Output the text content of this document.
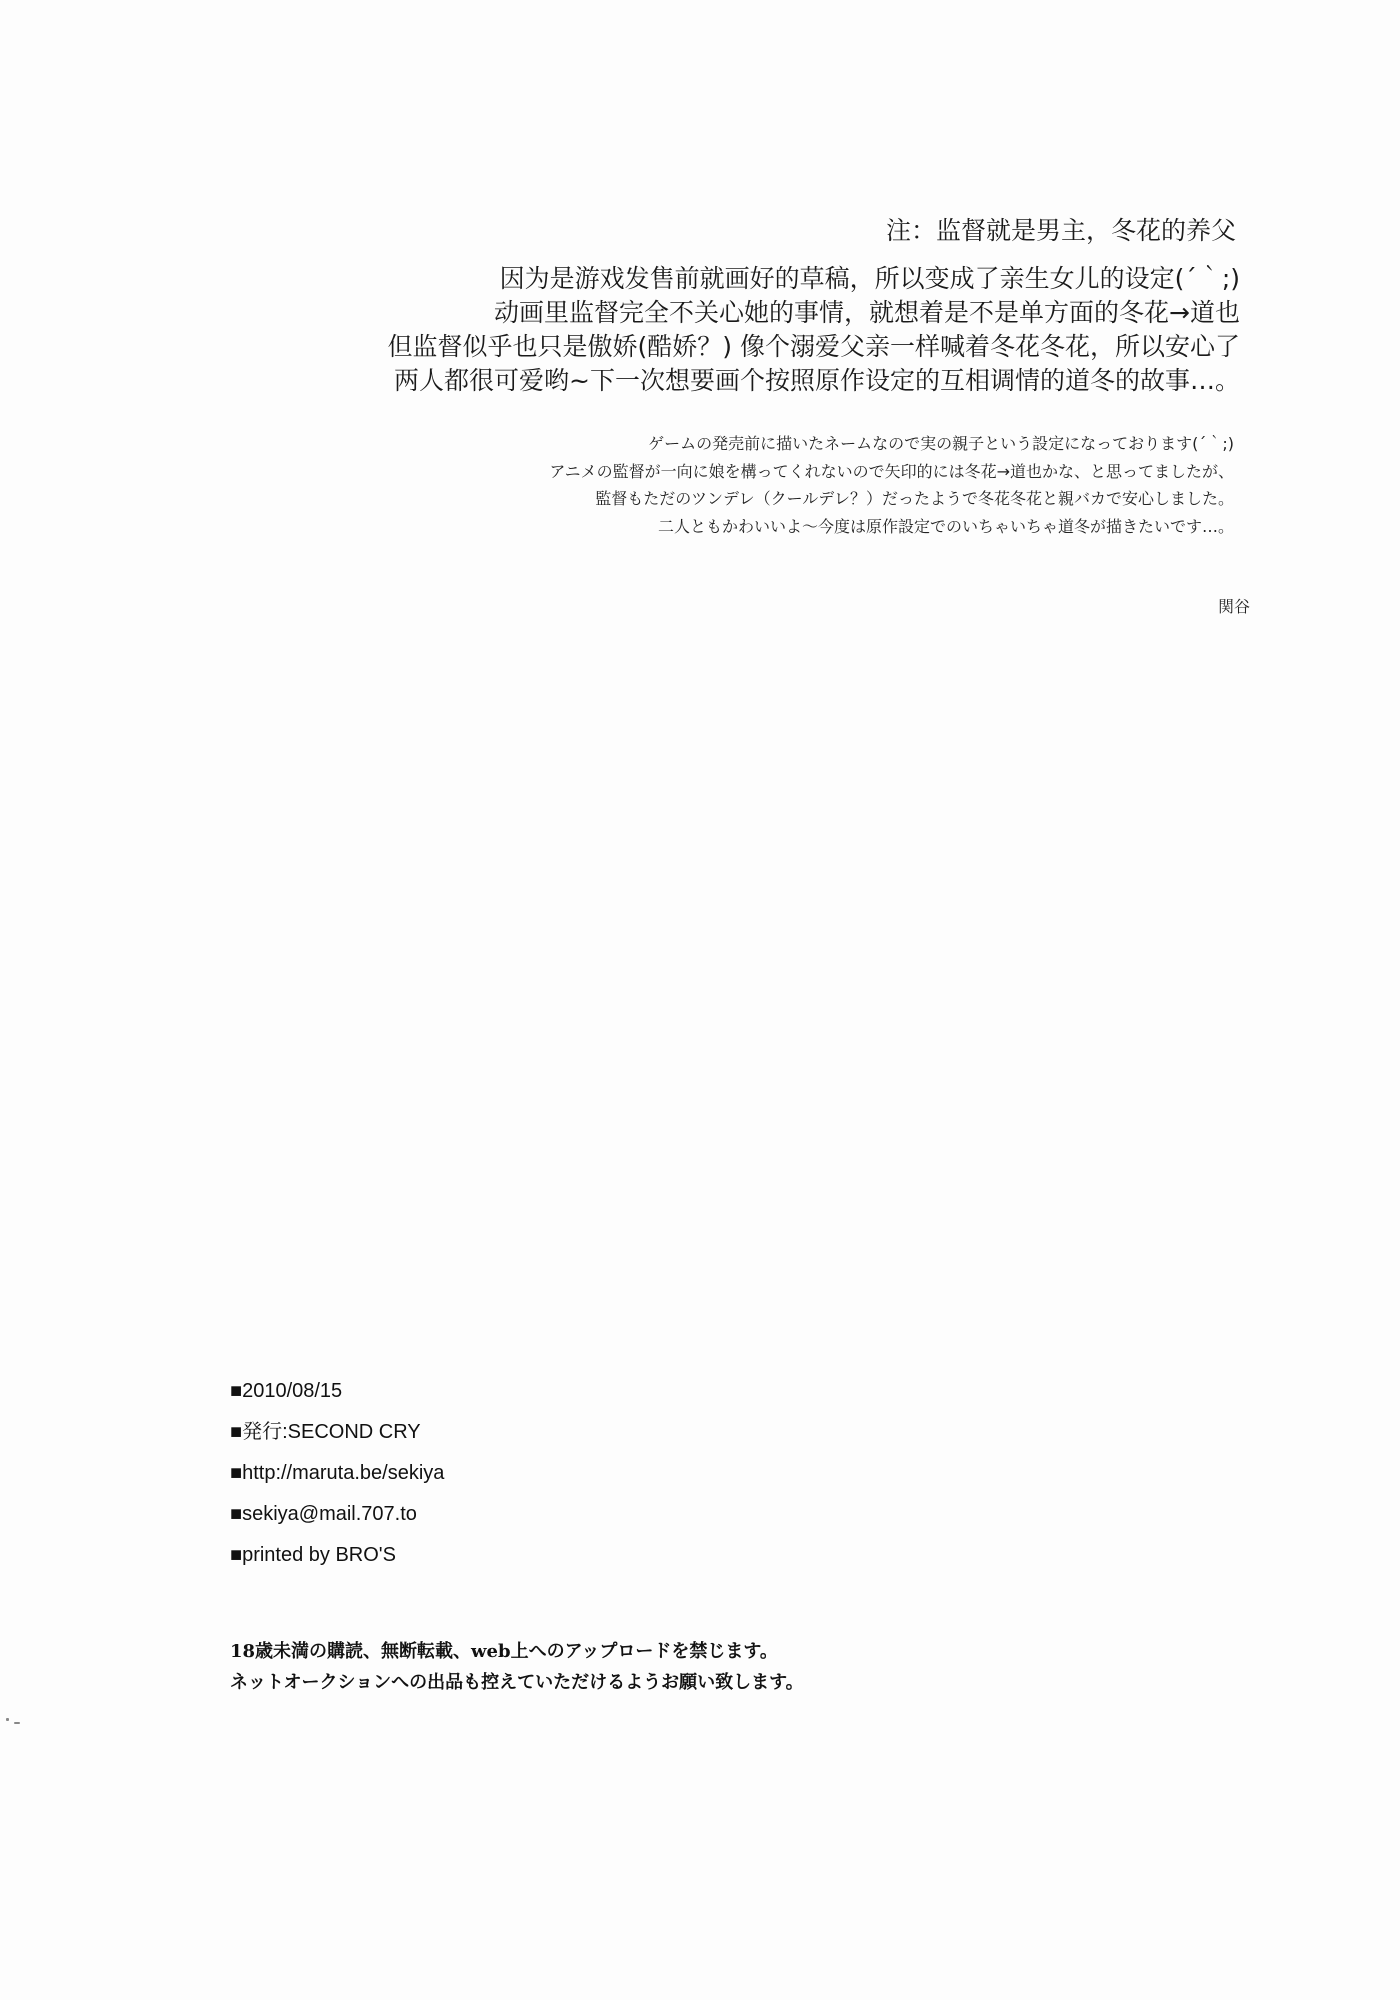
注：监督就是男主，冬花的养父
因为是游戏发售前就画好的草稿，所以变成了亲生女儿的设定(´｀;)
动画里监督完全不关心她的事情，就想着是不是单方面的冬花→道也
但监督似乎也只是傲娇(酷娇？) 像个溺爱父亲一样喊着冬花冬花，所以安心了
两人都很可爱哟~下一次想要画个按照原作设定的互相调情的道冬的故事…。
ゲームの発売前に描いたネームなので実の親子という設定になっております(´｀;)
アニメの監督が一向に娘を構ってくれないので矢印的には冬花→道也かな、と思ってましたが、
監督もただのツンデレ（クールデレ？）だったようで冬花冬花と親バカで安心しました。
二人ともかわいいよ～今度は原作設定でのいちゃいちゃ道冬が描きたいです…。
関谷
■2010/08/15
■発行:SECOND CRY
■http://maruta.be/sekiya
■sekiya@mail.707.to
■printed by BRO'S
18歳未満の購読、無断転載、web上へのアップロードを禁じます。
ネットオークションへの出品も控えていただけるようお願い致します。
